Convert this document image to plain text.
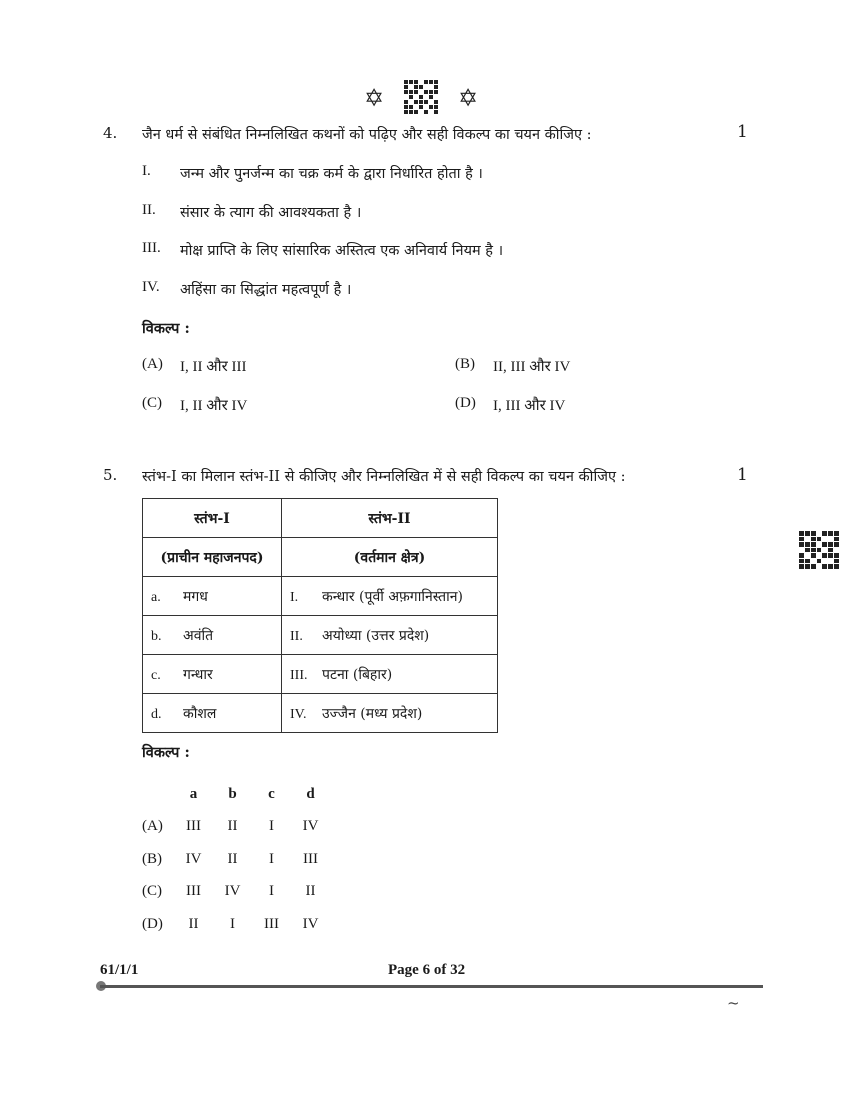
✡	✡
4. जैन धर्म से संबंधित निम्नलिखित कथनों को पढ़िए और सही विकल्प का चयन कीजिए :	1
I. जन्म और पुनर्जन्म का चक्र कर्म के द्वारा निर्धारित होता है ।
II. संसार के त्याग की आवश्यकता है ।
III. मोक्ष प्राप्ति के लिए सांसारिक अस्तित्व एक अनिवार्य नियम है ।
IV. अहिंसा का सिद्धांत महत्वपूर्ण है ।
विकल्प :
(A) I, II और III	(B) II, III और IV
(C) I, II और IV	(D) I, III और IV
5. स्तंभ-I का मिलान स्तंभ-II से कीजिए और निम्नलिखित में से सही विकल्प का चयन कीजिए :	1
स्तंभ-I	स्तंभ-II
(प्राचीन महाजनपद)	(वर्तमान क्षेत्र)
a. मगध	I. कन्धार (पूर्वी अफ़गानिस्तान)
b. अवंति	II. अयोध्या (उत्तर प्रदेश)
c. गन्धार	III. पटना (बिहार)
d. कौशल	IV. उज्जैन (मध्य प्रदेश)
विकल्प :
a	b	c	d
(A)	III	II	I	IV
(B)	IV	II	I	III
(C)	III	IV	I	II
(D)	II	I	III	IV
61/1/1	Page 6 of 32
~
